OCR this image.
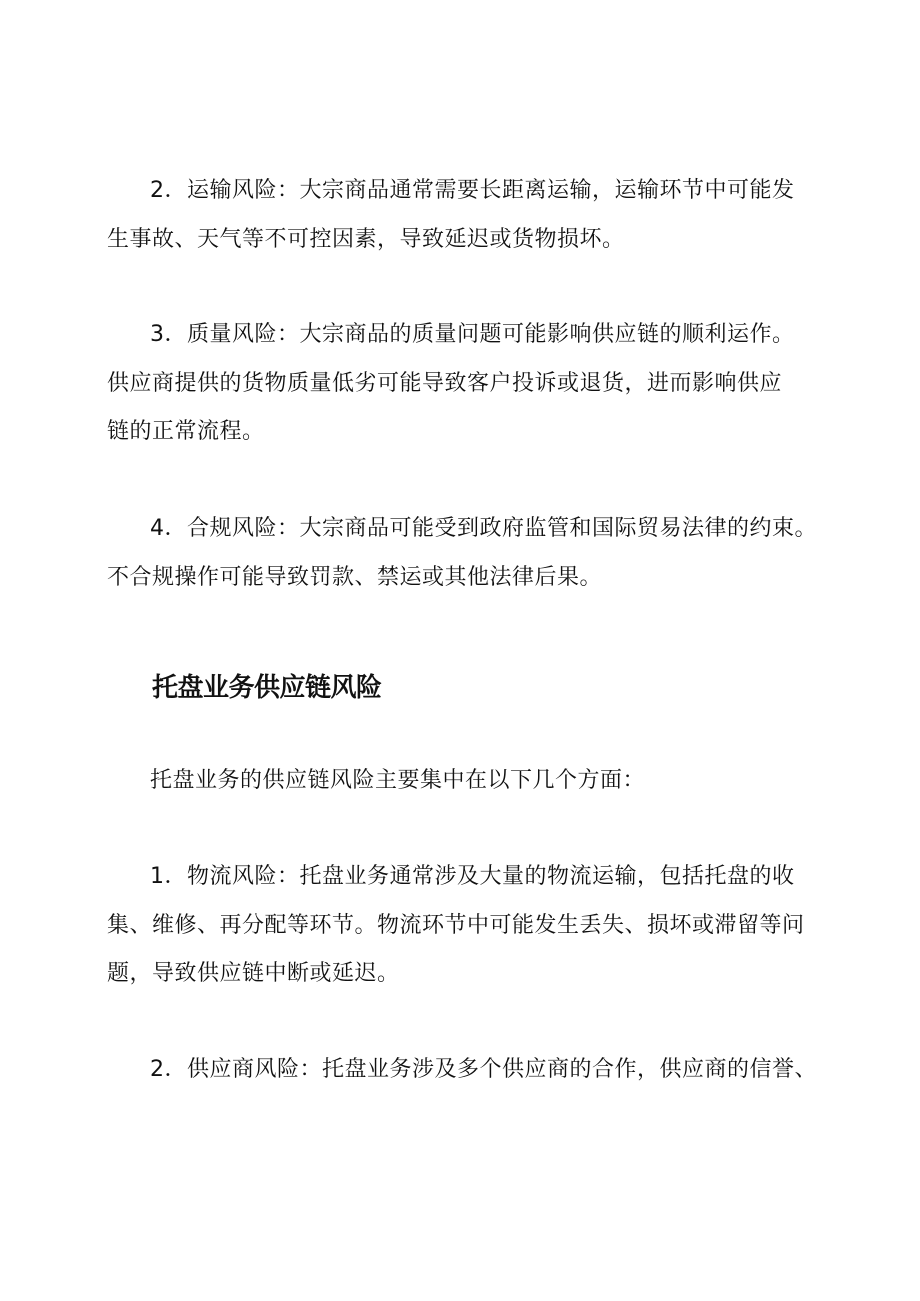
2．运输风险：大宗商品通常需要长距离运输，运输环节中可能发
生事故、天气等不可控因素，导致延迟或货物损坏。

3．质量风险：大宗商品的质量问题可能影响供应链的顺利运作。
供应商提供的货物质量低劣可能导致客户投诉或退货，进而影响供应
链的正常流程。

4．合规风险：大宗商品可能受到政府监管和国际贸易法律的约束。
不合规操作可能导致罚款、禁运或其他法律后果。

托盘业务供应链风险

托盘业务的供应链风险主要集中在以下几个方面：

1．物流风险：托盘业务通常涉及大量的物流运输，包括托盘的收
集、维修、再分配等环节。物流环节中可能发生丢失、损坏或滞留等问
题，导致供应链中断或延迟。

2．供应商风险：托盘业务涉及多个供应商的合作，供应商的信誉、
